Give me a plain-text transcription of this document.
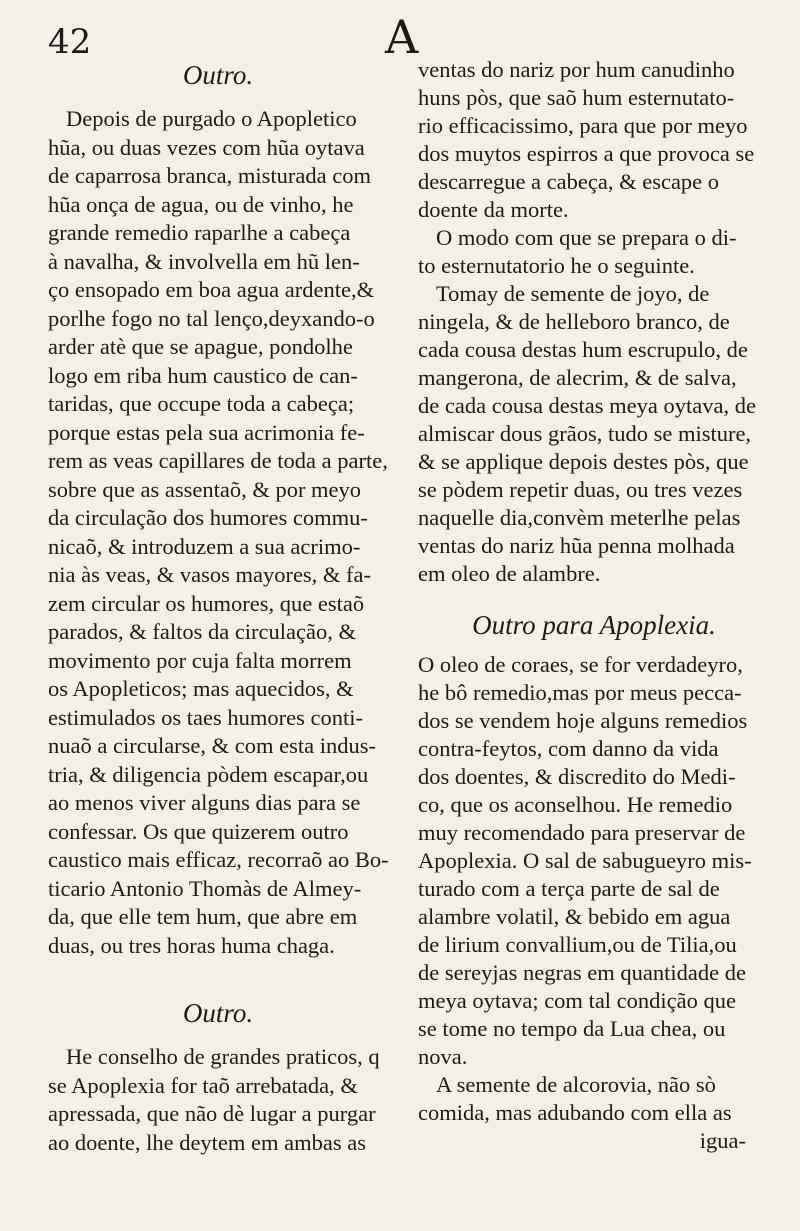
42	A
Outro.
Depois de purgado o Apopletico
hũa, ou duas vezes com hũa oytava
de caparrosa branca, misturada com
hũa onça de agua, ou de vinho, he
grande remedio raparlhe a cabeça
à navalha, & involvella em hũ len-
ço ensopado em boa agua ardente,&
porlhe fogo no tal lenço,deyxando-o
arder atè que se apague, pondolhe
logo em riba hum caustico de can-
taridas, que occupe toda a cabeça;
porque estas pela sua acrimonia fe-
rem as veas capillares de toda a parte,
sobre que as assentaõ, & por meyo
da circulação dos humores commu-
nicaõ, & introduzem a sua acrimo-
nia às veas, & vasos mayores, & fa-
zem circular os humores, que estaõ
parados, & faltos da circulação, &
movimento por cuja falta morrem
os Apopleticos; mas aquecidos, &
estimulados os taes humores conti-
nuaõ a circularse, & com esta indus-
tria, & diligencia pòdem escapar,ou
ao menos viver alguns dias para se
confessar. Os que quizerem outro
caustico mais efficaz, recorraõ ao Bo-
ticario Antonio Thomàs de Almey-
da, que elle tem hum, que abre em
duas, ou tres horas huma chaga.
Outro.
He conselho de grandes praticos, q
se Apoplexia for taõ arrebatada, &
apressada, que não dè lugar a purgar
ao doente, lhe deytem em ambas as
ventas do nariz por hum canudinho
huns pòs, que saõ hum esternutato-
rio efficacissimo, para que por meyo
dos muytos espirros a que provoca se
descarregue a cabeça, & escape o
doente da morte.
O modo com que se prepara o di-
to esternutatorio he o seguinte.
Tomay de semente de joyo, de
ningela, & de helleboro branco, de
cada cousa destas hum escrupulo, de
mangerona, de alecrim, & de salva,
de cada cousa destas meya oytava, de
almiscar dous grãos, tudo se misture,
& se applique depois destes pòs, que
se pòdem repetir duas, ou tres vezes
naquelle dia,convèm meterlhe pelas
ventas do nariz hũa penna molhada
em oleo de alambre.
Outro para Apoplexia.
O oleo de coraes, se for verdadeyro,
he bô remedio,mas por meus pecca-
dos se vendem hoje alguns remedios
contra-feytos, com danno da vida
dos doentes, & discredito do Medi-
co, que os aconselhou. He remedio
muy recomendado para preservar de
Apoplexia. O sal de sabugueyro mis-
turado com a terça parte de sal de
alambre volatil, & bebido em agua
de lirium convallium,ou de Tilia,ou
de sereyjas negras em quantidade de
meya oytava; com tal condição que
se tome no tempo da Lua chea, ou
nova.
A semente de alcorovia, não sò
comida, mas adubando com ella as
igua-
